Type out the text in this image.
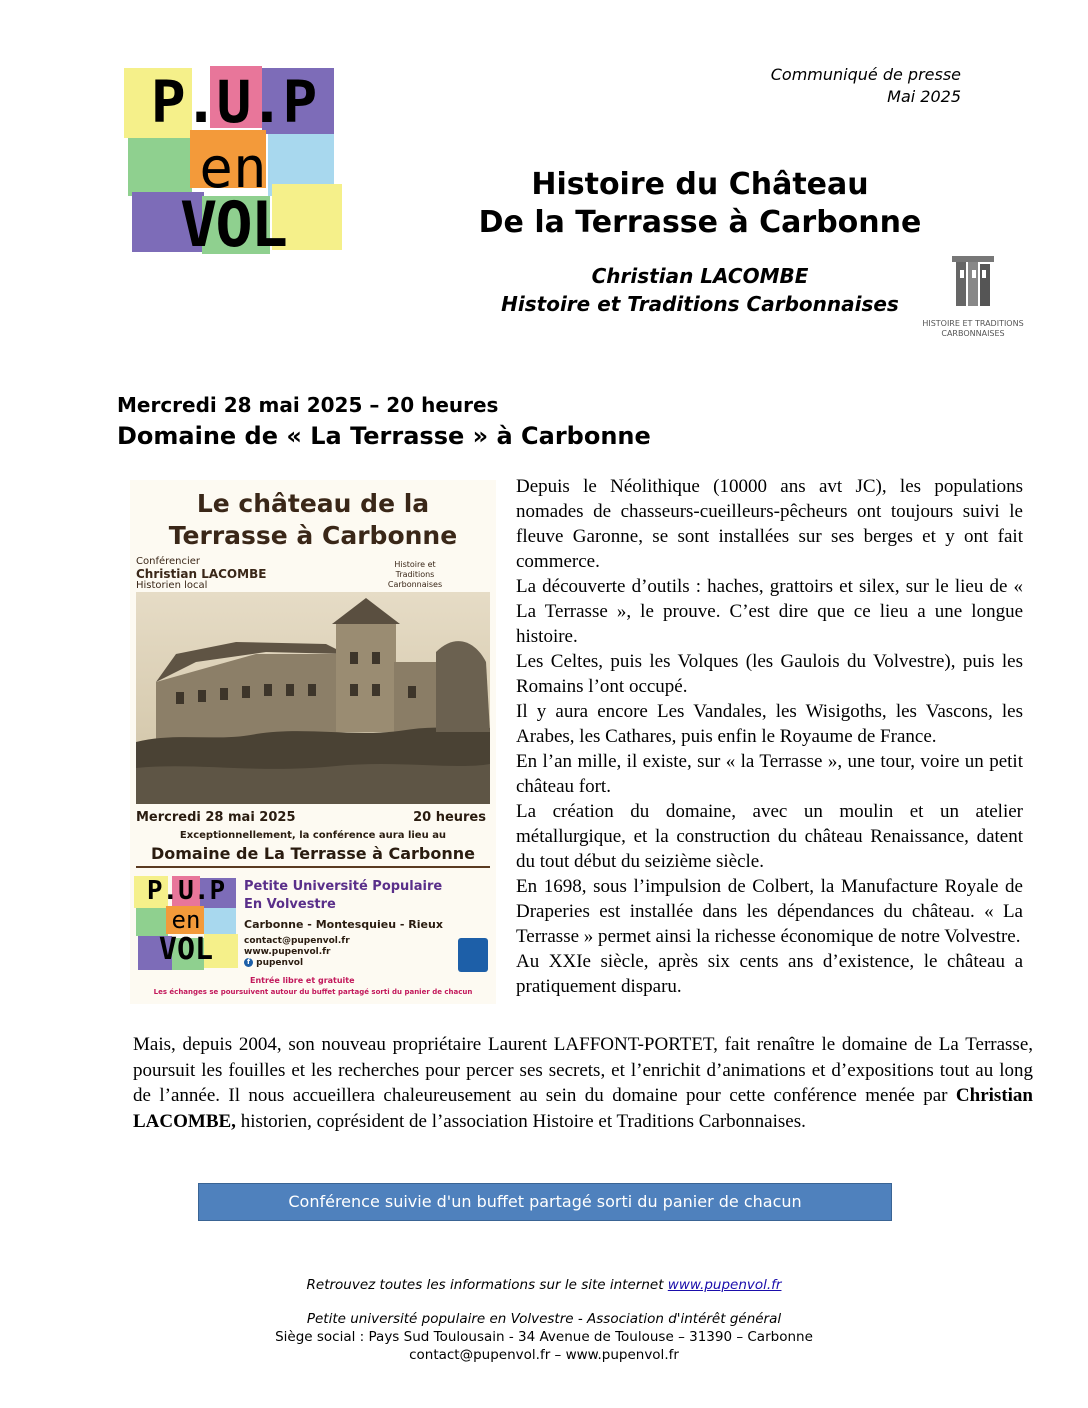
P.U.P
en
VOL
Communiqué de presse
Mai 2025
Histoire du Château
De la Terrasse à Carbonne
Christian LACOMBE
Histoire et Traditions Carbonnaises
HISTOIRE ET TRADITIONS
CARBONNAISES
Mercredi 28 mai 2025 – 20 heures
Domaine de « La Terrasse » à Carbonne
Le château de la
Terrasse à Carbonne
Conférencier
Christian LACOMBE
Historien local
Histoire et
Traditions
Carbonnaises
Mercredi 28 mai 2025	20 heures
Exceptionnellement, la conférence aura lieu au
Domaine de La Terrasse à Carbonne
P.U.P
en
VOL
Petite Université Populaire
En Volvestre
Carbonne - Montesquieu - Rieux
contact@pupenvol.fr
www.pupenvol.fr
f pupenvol
Entrée libre et gratuite
Les échanges se poursuivent autour du buffet partagé sorti du panier de chacun

Depuis le Néolithique (10000 ans avt JC), les populations nomades de chasseurs-cueilleurs-pêcheurs ont toujours suivi le fleuve Garonne, se sont installées sur ses berges et y ont fait commerce.

La découverte d’outils : haches, grattoirs et silex, sur le lieu de « La Terrasse », le prouve. C’est dire que ce lieu a une longue histoire.

Les Celtes, puis les Volques (les Gaulois du Volvestre), puis les Romains l’ont occupé.

Il y aura encore Les Vandales, les Wisigoths, les Vascons, les Arabes, les Cathares, puis enfin le Royaume de France.

En l’an mille, il existe, sur « la Terrasse », une tour, voire un petit château fort.

La création du domaine, avec un moulin et un atelier métallurgique, et la construction du château Renaissance, datent du tout début du seizième siècle.

En 1698, sous l’impulsion de Colbert, la Manufacture Royale de Draperies est installée dans les dépendances du château. « La Terrasse » permet ainsi la richesse économique de notre Volvestre.

Au XXIe siècle, après six cents ans d’existence, le château a pratiquement disparu.

Mais, depuis 2004, son nouveau propriétaire Laurent LAFFONT-PORTET, fait renaître le domaine de La Terrasse, poursuit les fouilles et les recherches pour percer ses secrets, et l’enrichit d’animations et d’expositions tout au long de l’année. Il nous accueillera chaleureusement au sein du domaine pour cette conférence menée par Christian LACOMBE, historien, coprésident de l’association Histoire et Traditions Carbonnaises.

Conférence suivie d'un buffet partagé sorti du panier de chacun
Retrouvez toutes les informations sur le site internet www.pupenvol.fr
Petite université populaire en Volvestre - Association d'intérêt général
Siège social : Pays Sud Toulousain - 34 Avenue de Toulouse – 31390 – Carbonne
contact@pupenvol.fr – www.pupenvol.fr
